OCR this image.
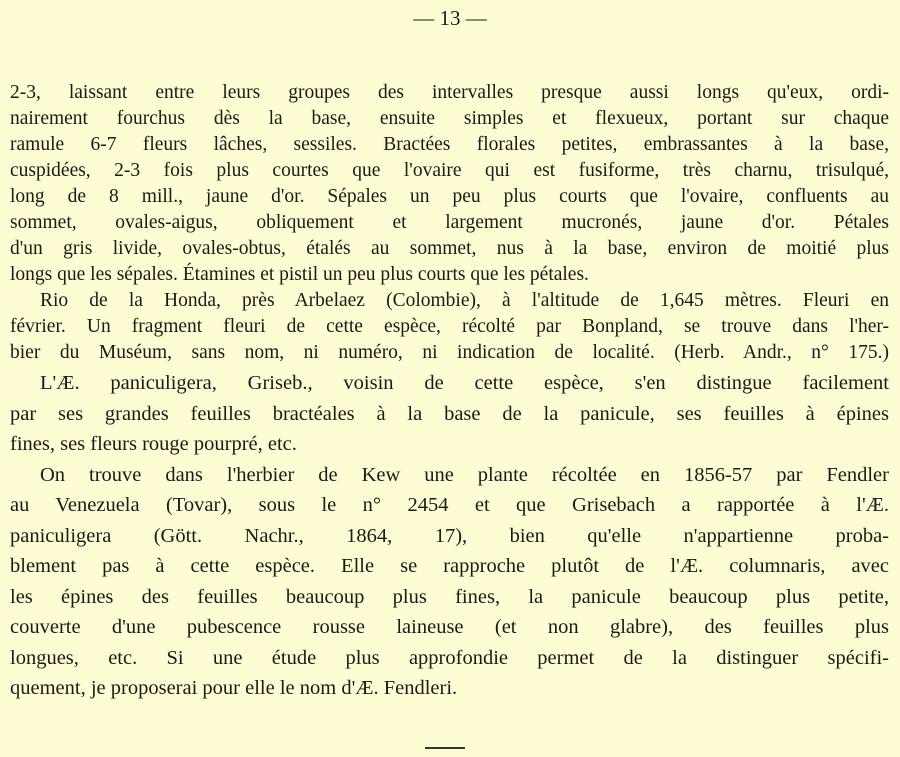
— 13 —
2-3, laissant entre leurs groupes des intervalles presque aussi longs qu'eux, ordi-
nairement fourchus dès la base, ensuite simples et flexueux, portant sur chaque
ramule 6-7 fleurs lâches, sessiles. Bractées florales petites, embrassantes à la base,
cuspidées, 2-3 fois plus courtes que l'ovaire qui est fusiforme, très charnu, trisulqué,
long de 8 mill., jaune d'or. Sépales un peu plus courts que l'ovaire, confluents au
sommet, ovales-aigus, obliquement et largement mucronés, jaune d'or. Pétales
d'un gris livide, ovales-obtus, étalés au sommet, nus à la base, environ de moitié plus
longs que les sépales. Étamines et pistil un peu plus courts que les pétales.
Rio de la Honda, près Arbelaez (Colombie), à l'altitude de 1,645 mètres. Fleuri en
février. Un fragment fleuri de cette espèce, récolté par Bonpland, se trouve dans l'her-
bier du Muséum, sans nom, ni numéro, ni indication de localité. (Herb. Andr., n° 175.)
L'Æ. paniculigera, Griseb., voisin de cette espèce, s'en distingue facilement
par ses grandes feuilles bractéales à la base de la panicule, ses feuilles à épines
fines, ses fleurs rouge pourpré, etc.
On trouve dans l'herbier de Kew une plante récoltée en 1856-57 par Fendler
au Venezuela (Tovar), sous le n° 2454 et que Grisebach a rapportée à l'Æ.
paniculigera (Gött. Nachr., 1864, 17), bien qu'elle n'appartienne proba-
blement pas à cette espèce. Elle se rapproche plutôt de l'Æ. columnaris, avec
les épines des feuilles beaucoup plus fines, la panicule beaucoup plus petite,
couverte d'une pubescence rousse laineuse (et non glabre), des feuilles plus
longues, etc. Si une étude plus approfondie permet de la distinguer spécifi-
quement, je proposerai pour elle le nom d'Æ. Fendleri.
